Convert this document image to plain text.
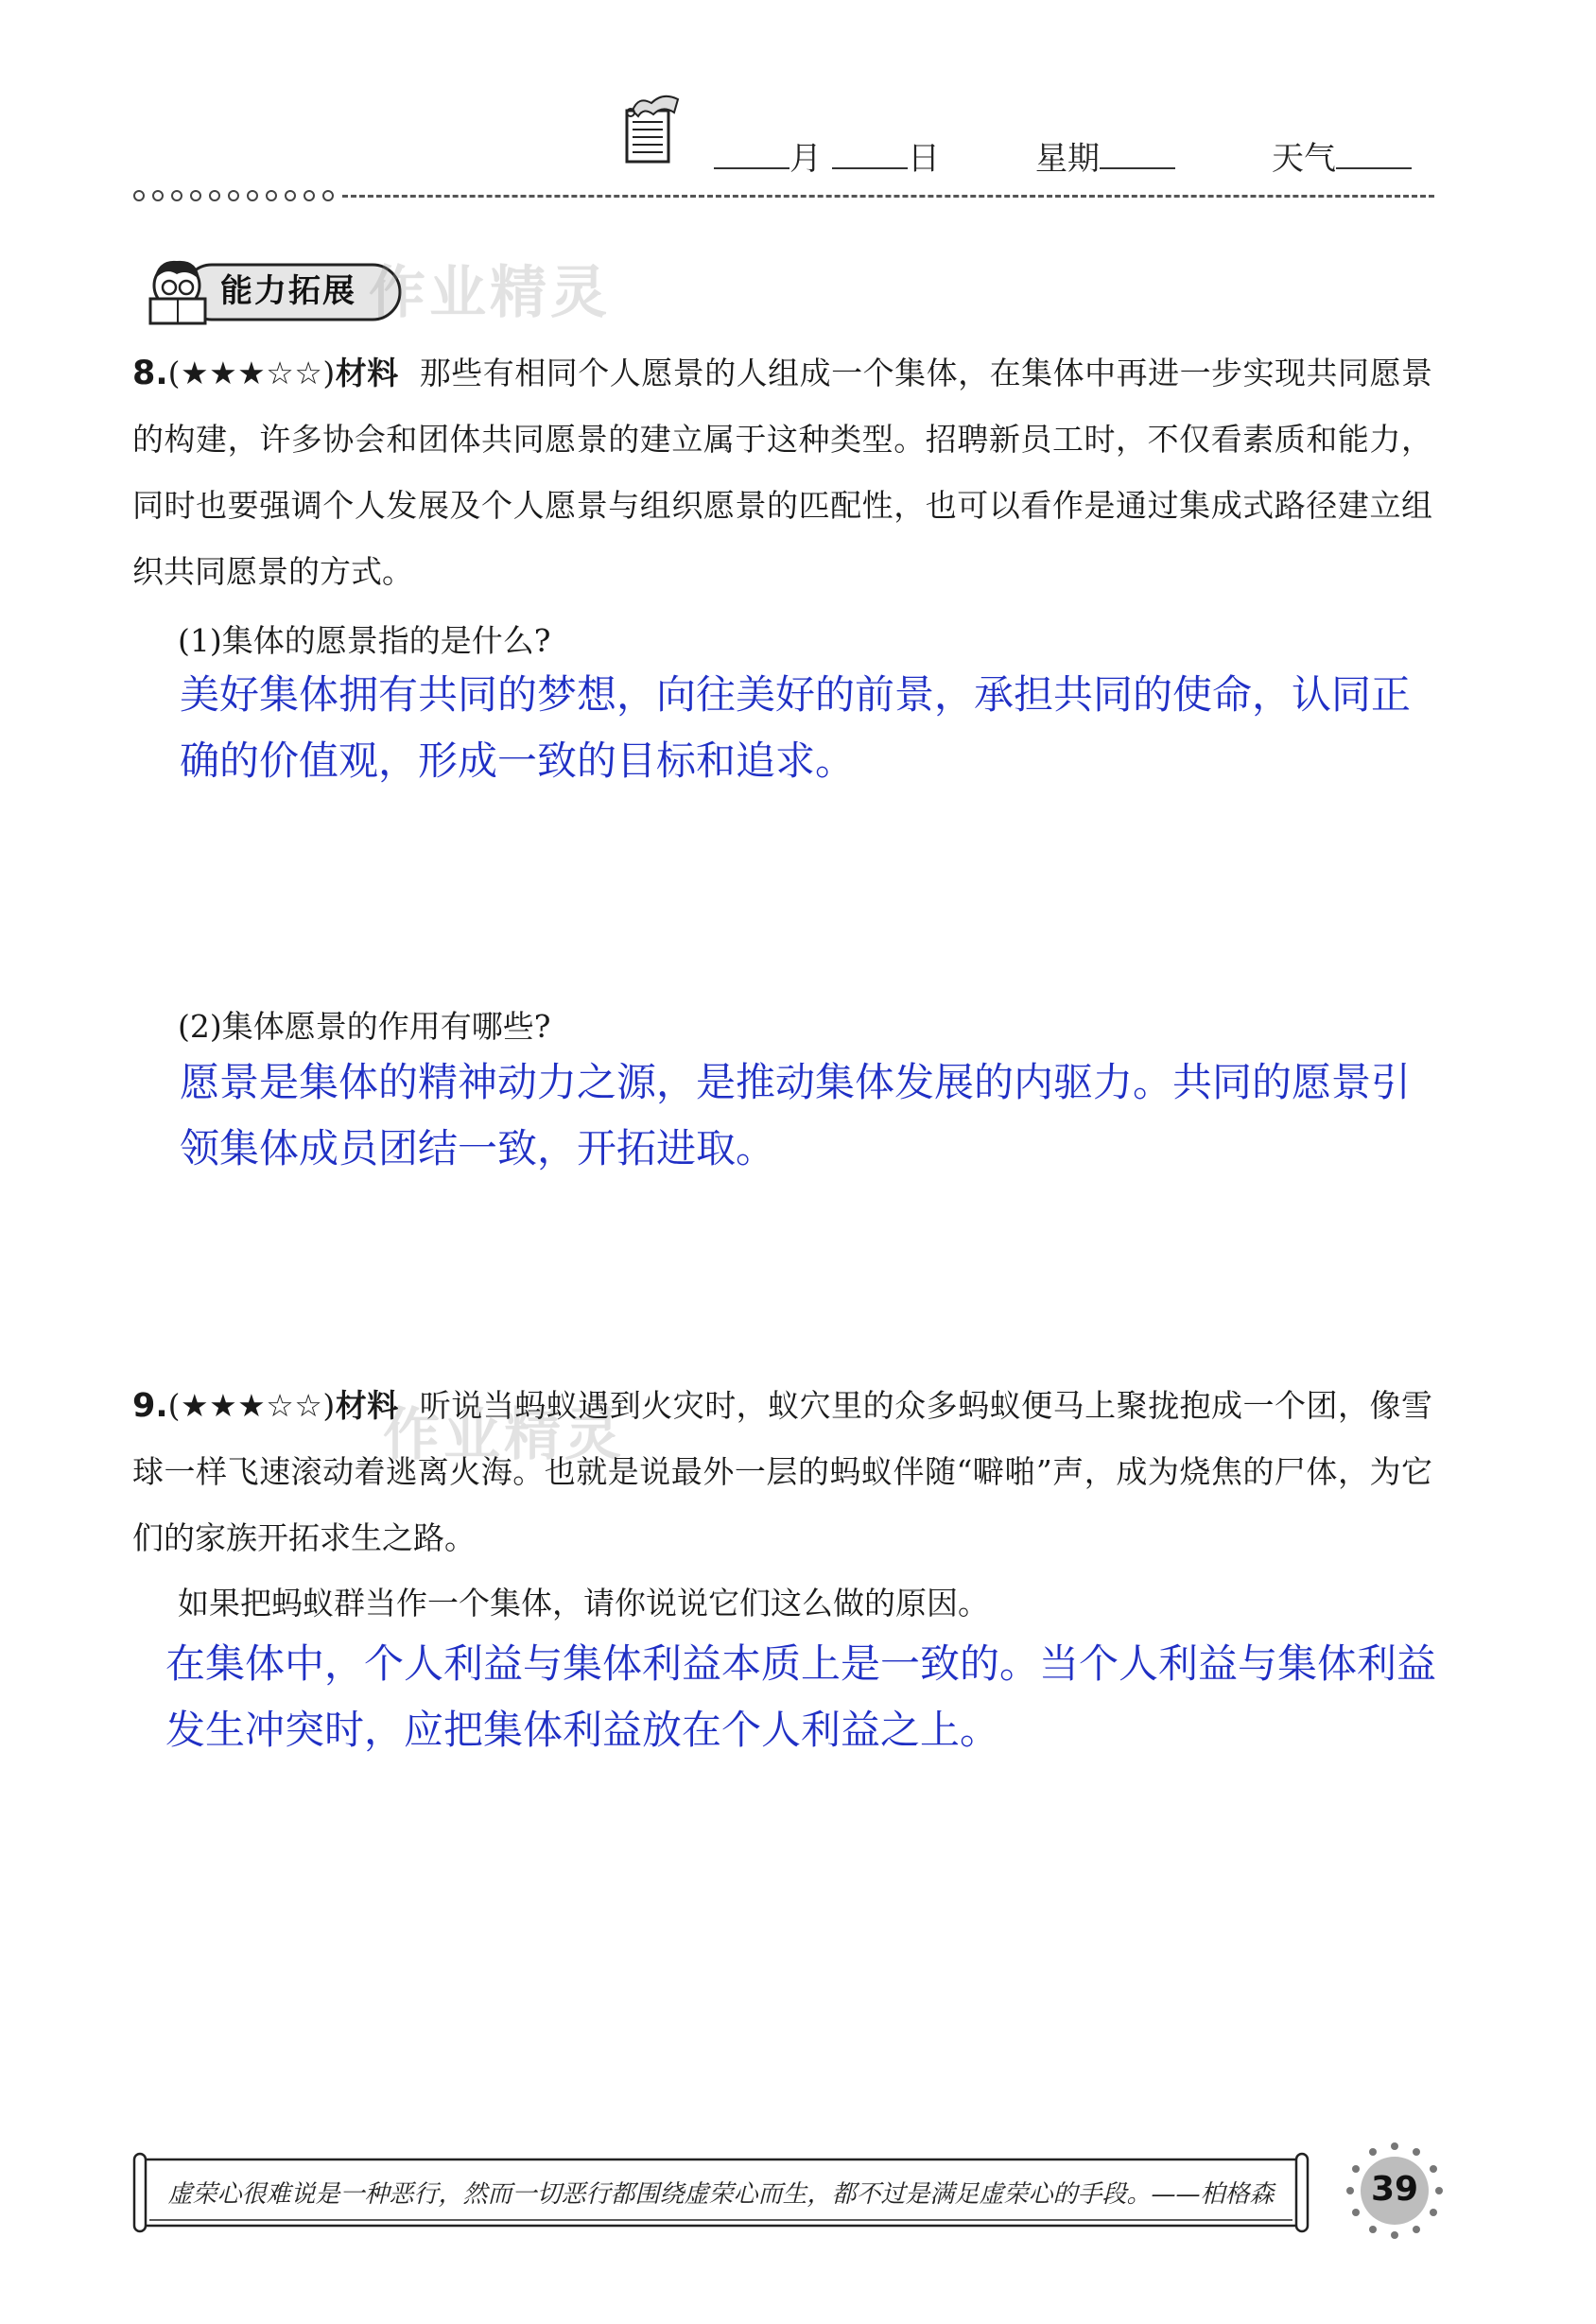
月	日	星期	天气
能力拓展 作业精灵
作业精灵
8.(★★★☆☆)材料 那些有相同个人愿景的人组成一个集体，在集体中再进一步实现共同愿景的构建，许多协会和团体共同愿景的建立属于这种类型。招聘新员工时，不仅看素质和能力，同时也要强调个人发展及个人愿景与组织愿景的匹配性，也可以看作是通过集成式路径建立组织共同愿景的方式。
(1)集体的愿景指的是什么?
美好集体拥有共同的梦想，向往美好的前景，承担共同的使命，认同正确的价值观，形成一致的目标和追求。
(2)集体愿景的作用有哪些?
愿景是集体的精神动力之源，是推动集体发展的内驱力。共同的愿景引领集体成员团结一致，开拓进取。
9.(★★★☆☆)材料 听说当蚂蚁遇到火灾时，蚁穴里的众多蚂蚁便马上聚拢抱成一个团，像雪球一样飞速滚动着逃离火海。也就是说最外一层的蚂蚁伴随“噼啪”声，成为烧焦的尸体，为它们的家族开拓求生之路。
如果把蚂蚁群当作一个集体，请你说说它们这么做的原因。
在集体中，个人利益与集体利益本质上是一致的。当个人利益与集体利益发生冲突时，应把集体利益放在个人利益之上。
虚荣心很难说是一种恶行，然而一切恶行都围绕虚荣心而生，都不过是满足虚荣心的手段。——柏格森	39
